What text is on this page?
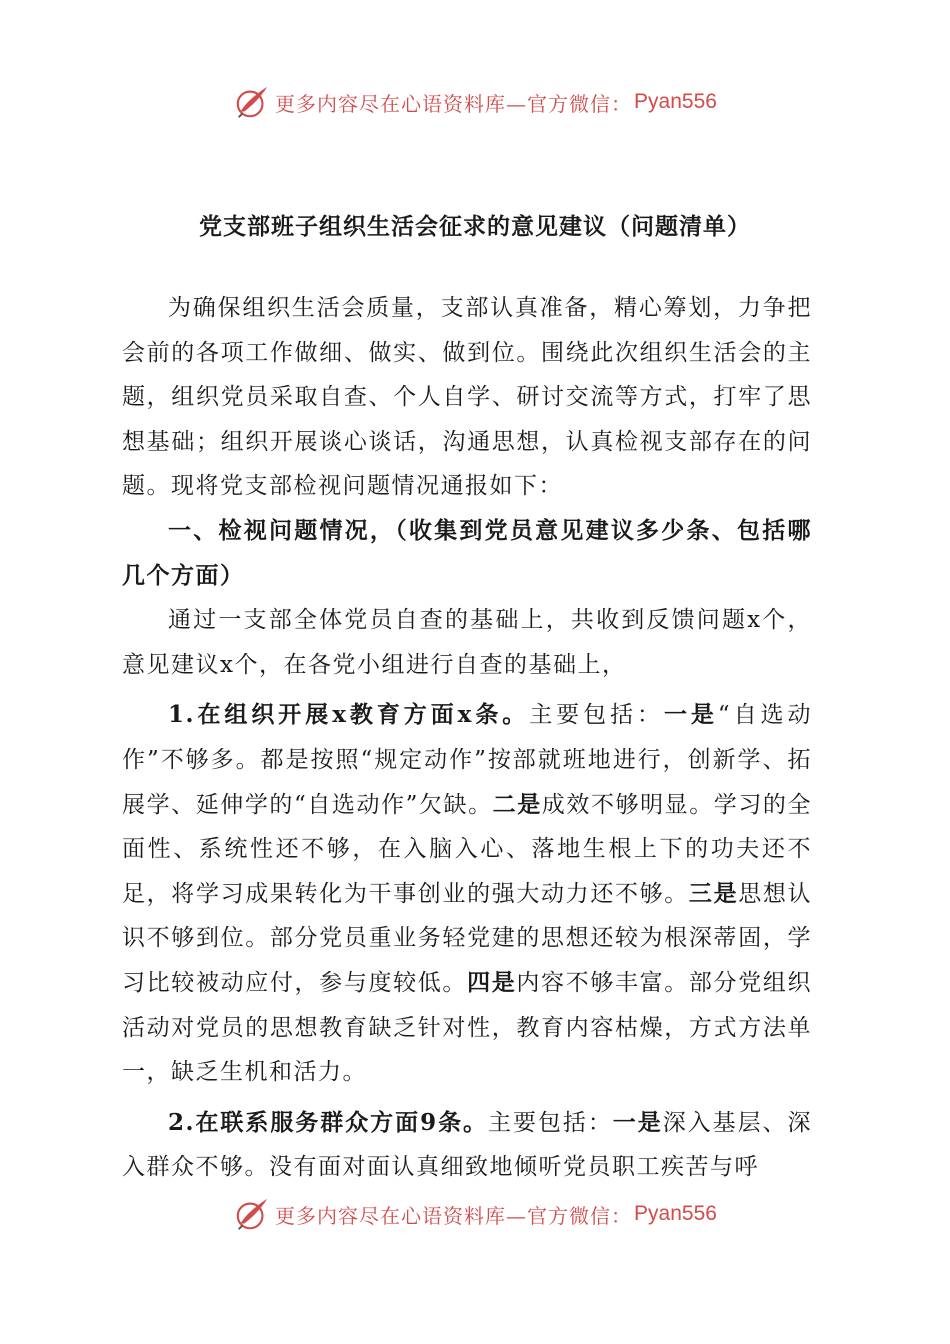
更多内容尽在心语资料库—官方微信： Pyan556
党支部班子组织生活会征求的意见建议（问题清单）

为确保组织生活会质量，支部认真准备，精心筹划，力争把会前的各项工作做细、做实、做到位。围绕此次组织生活会的主题，组织党员采取自查、个人自学、研讨交流等方式，打牢了思想基础；组织开展谈心谈话，沟通思想，认真检视支部存在的问题。现将党支部检视问题情况通报如下：

一、检视问题情况，（收集到党员意见建议多少条、包括哪几个方面）

通过一支部全体党员自查的基础上，共收到反馈问题x个，意见建议x个，在各党小组进行自查的基础上，

1.在组织开展x教育方面x条。主要包括：一是“自选动作”不够多。都是按照“规定动作”按部就班地进行，创新学、拓展学、延伸学的“自选动作”欠缺。二是成效不够明显。学习的全面性、系统性还不够，在入脑入心、落地生根上下的功夫还不足，将学习成果转化为干事创业的强大动力还不够。三是思想认识不够到位。部分党员重业务轻党建的思想还较为根深蒂固，学习比较被动应付，参与度较低。四是内容不够丰富。部分党组织活动对党员的思想教育缺乏针对性，教育内容枯燥，方式方法单一，缺乏生机和活力。

2.在联系服务群众方面9条。主要包括：一是深入基层、深入群众不够。没有面对面认真细致地倾听党员职工疾苦与呼

更多内容尽在心语资料库—官方微信： Pyan556
